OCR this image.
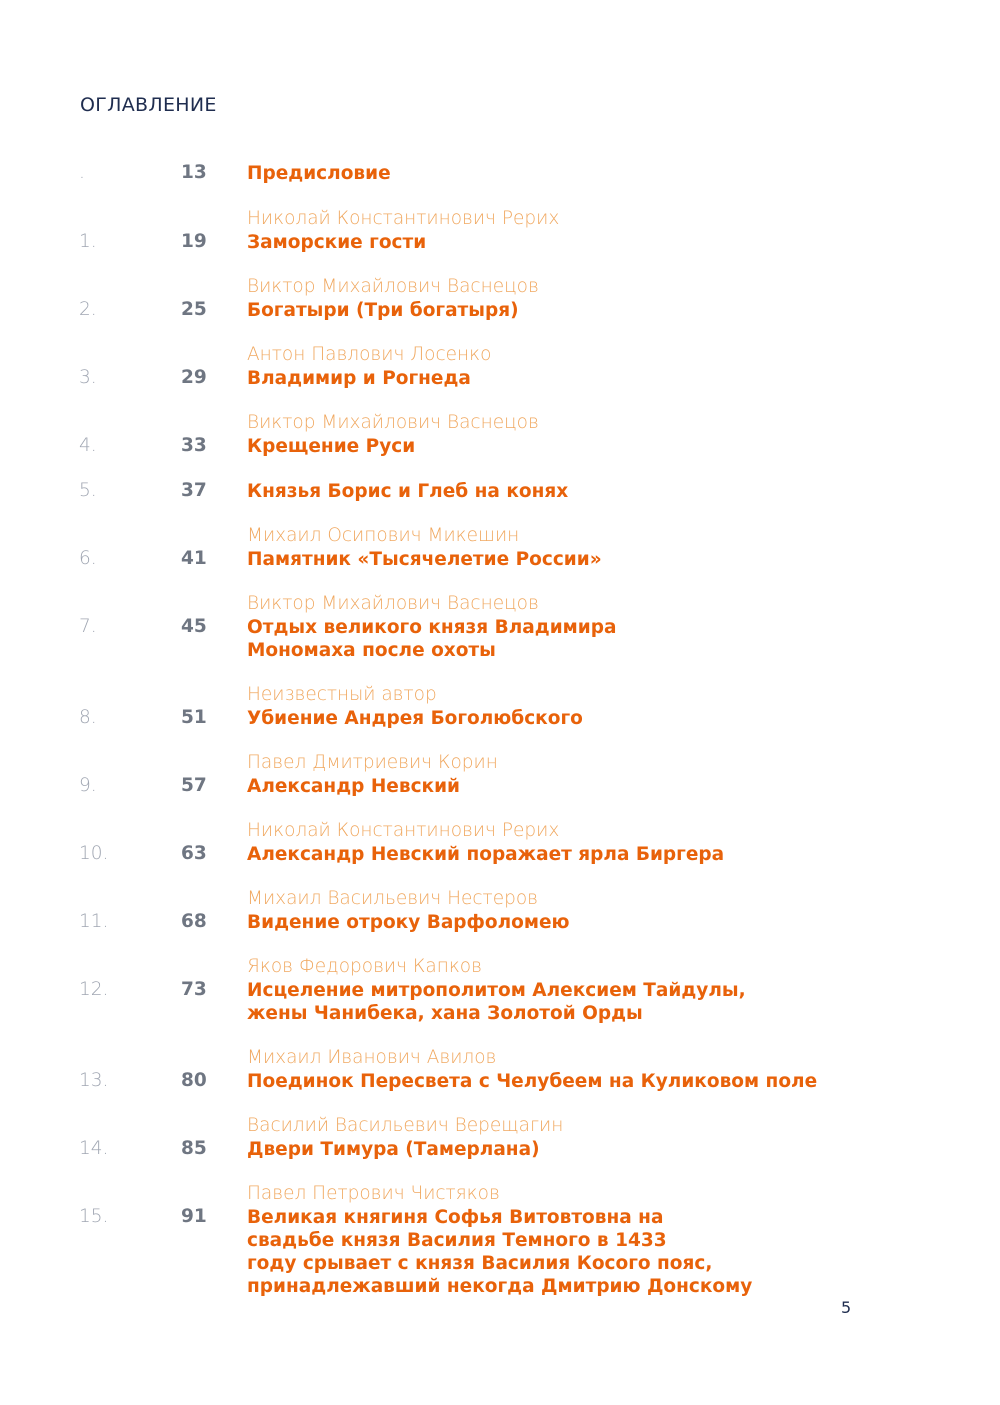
ОГЛАВЛЕНИЕ
.	13 Предисловие
Николай Константинович Рерих
1.	19 Заморские гости
Виктор Михайлович Васнецов
2.	25 Богатыри (Три богатыря)
Антон Павлович Лосенко
3.	29 Владимир и Рогнеда
Виктор Михайлович Васнецов
4.	33 Крещение Руси
5.	37 Князья Борис и Глеб на конях
Михаил Осипович Микешин
6.	41 Памятник «Тысячелетие России»
Виктор Михайлович Васнецов
7.	45 Отдых великого князя Владимира
Мономаха после охоты
Неизвестный автор
8.	51 Убиение Андрея Боголюбского
Павел Дмитриевич Корин
9.	57 Александр Невский
Николай Константинович Рерих
10.	63 Александр Невский поражает ярла Биргера
Михаил Васильевич Нестеров
11.	68 Видение отроку Варфоломею
Яков Федорович Капков
12.	73 Исцеление митрополитом Алексием Тайдулы,
жены Чанибека, хана Золотой Орды
Михаил Иванович Авилов
13.	80 Поединок Пересвета с Челубеем на Куликовом поле
Василий Васильевич Верещагин
14.	85 Двери Тимура (Тамерлана)
Павел Петрович Чистяков
15.	91 Великая княгиня Софья Витовтовна на
свадьбе князя Василия Темного в 1433
году срывает с князя Василия Косого пояс,
принадлежавший некогда Дмитрию Донскому
5
